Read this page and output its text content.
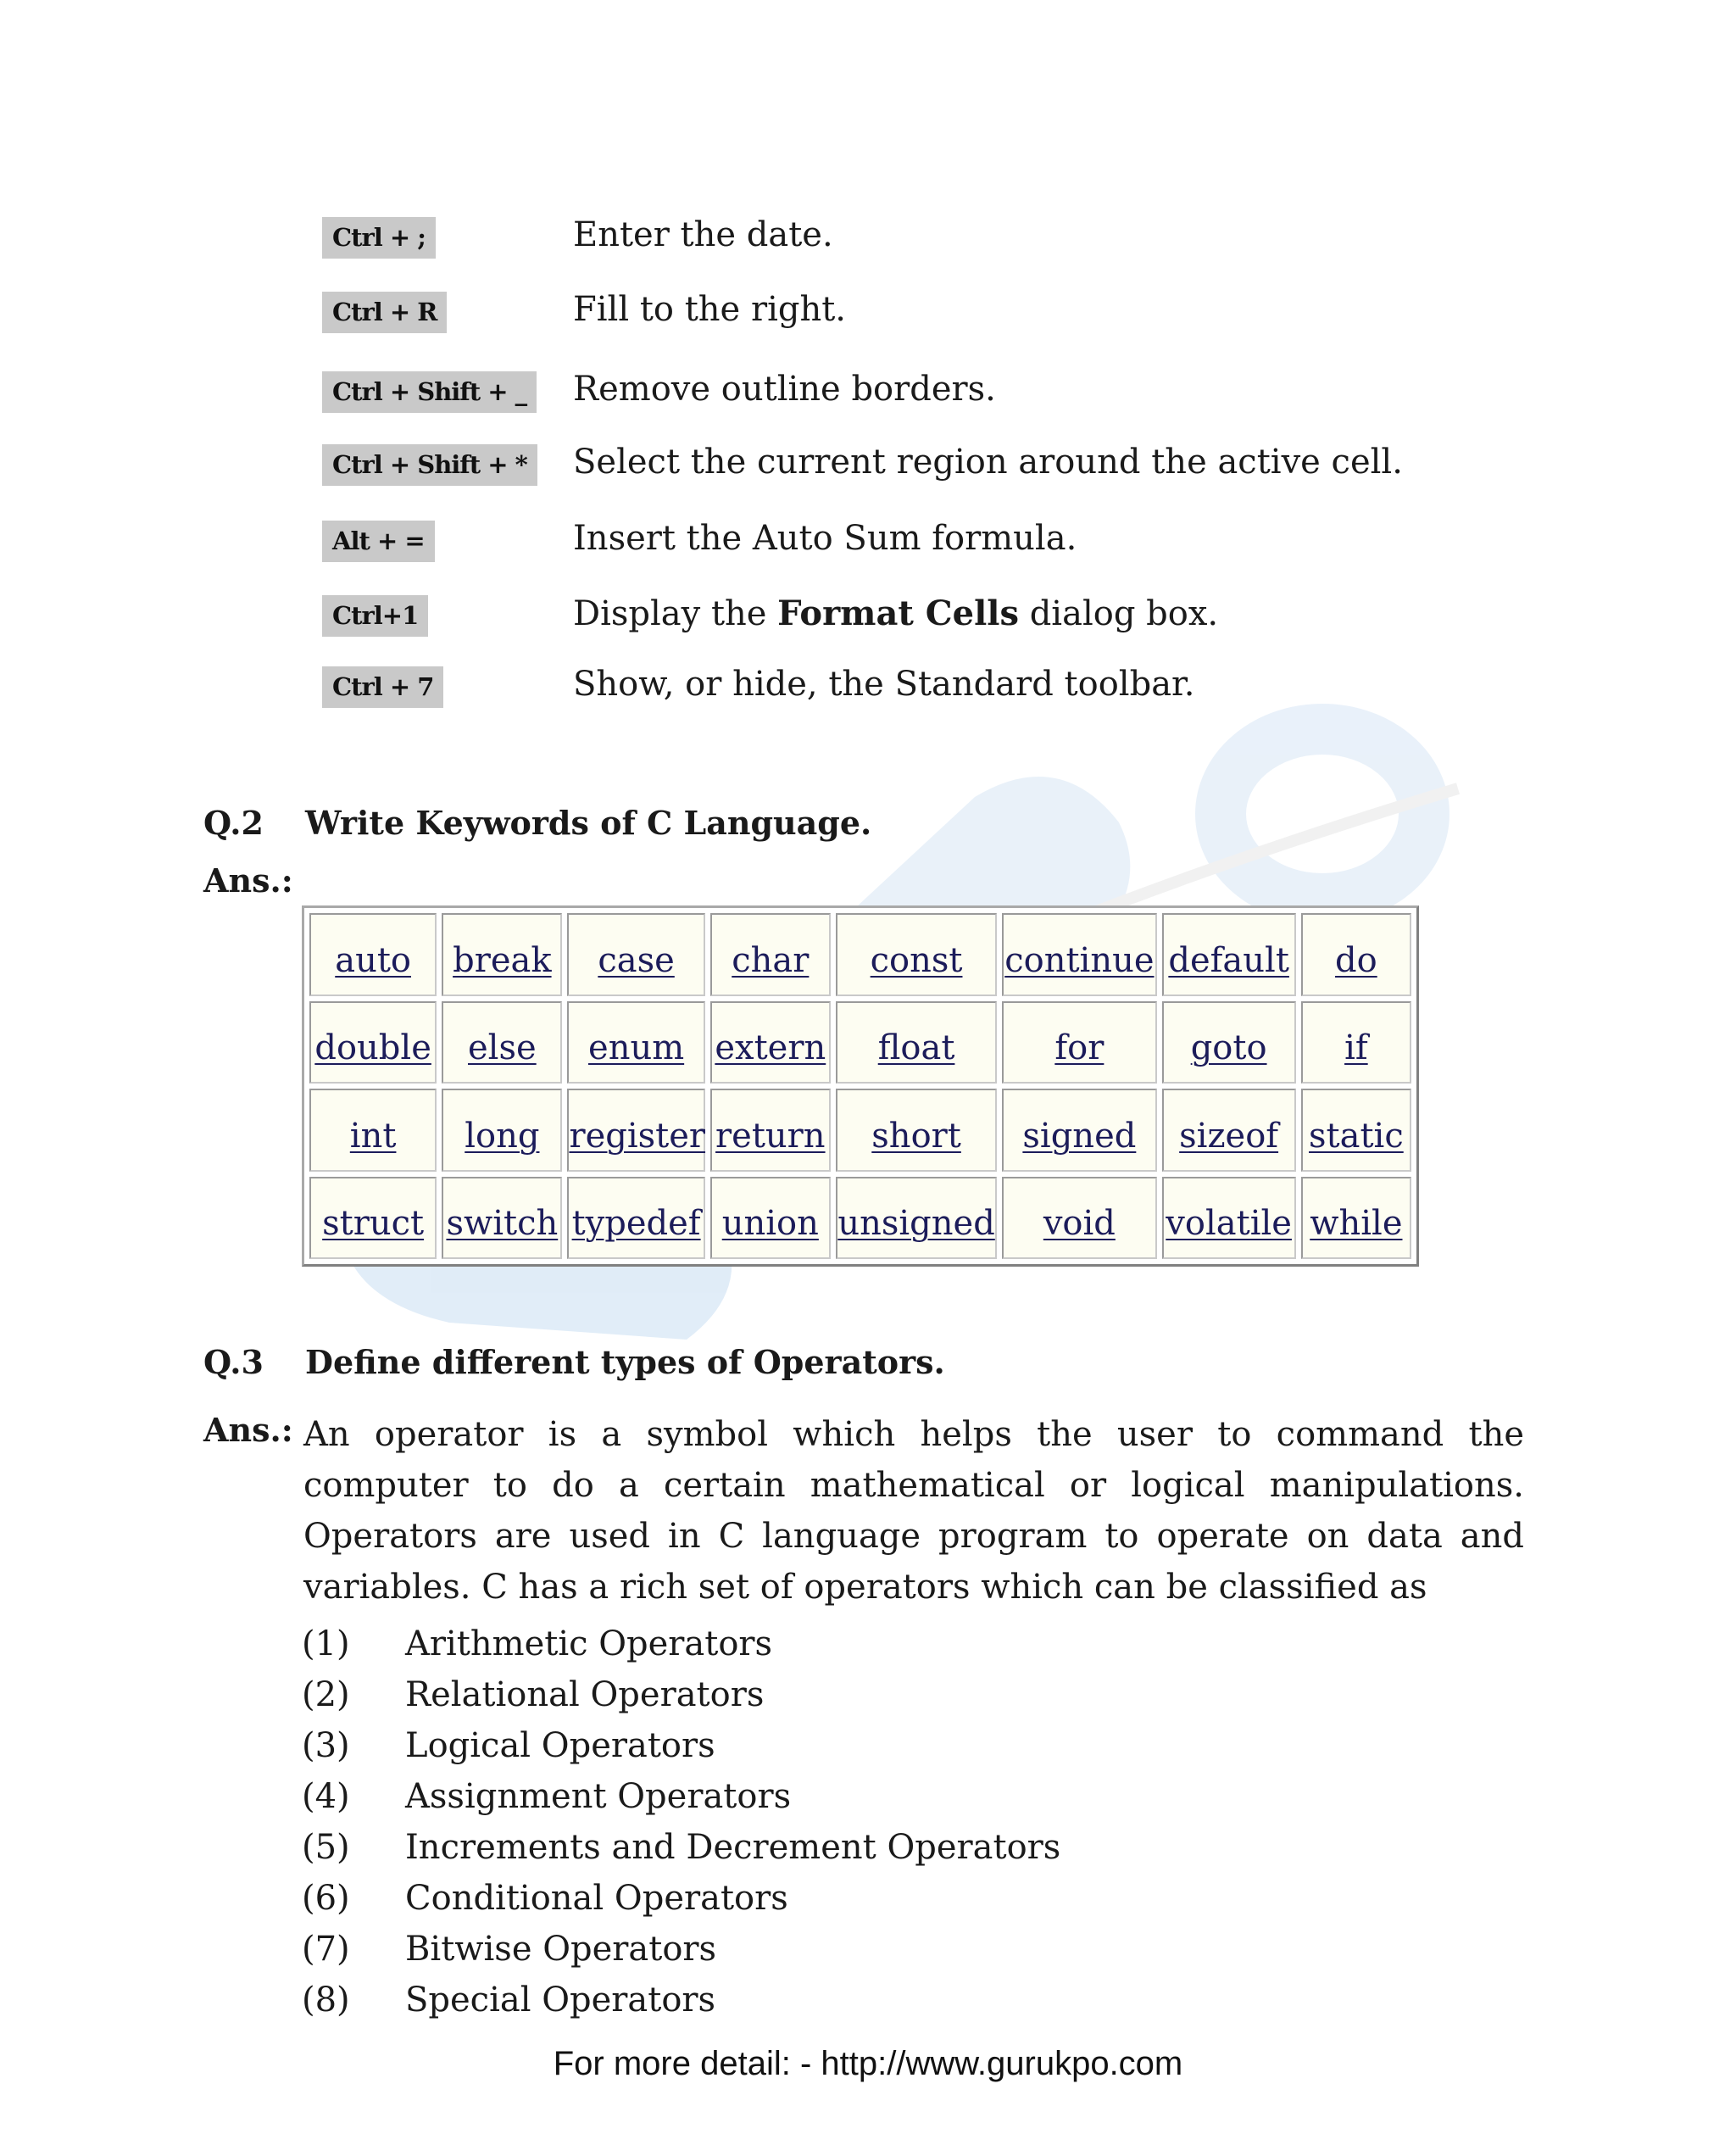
Ctrl + ;	Enter the date.
Ctrl + R	Fill to the right.
Ctrl + Shift + _	Remove outline borders.
Ctrl + Shift + *	Select the current region around the active cell.
Alt + =	Insert the Auto Sum formula.
Ctrl+1	Display the Format Cells dialog box.
Ctrl + 7	Show, or hide, the Standard toolbar.
Q.2 Write Keywords of C Language.
Ans.:
auto	break	case	char	const	continue	default	do
double	else	enum	extern	float	for	goto	if
int	long	register	return	short	signed	sizeof	static
struct	switch	typedef	union	unsigned	void	volatile	while
Q.3 Define different types of Operators.
Ans.: An operator is a symbol which helps the user to command the computer to do a certain mathematical or logical manipulations. Operators are used in C language program to operate on data and variables. C has a rich set of operators which can be classified as
(1) Arithmetic Operators
(2) Relational Operators
(3) Logical Operators
(4) Assignment Operators
(5) Increments and Decrement Operators
(6) Conditional Operators
(7) Bitwise Operators
(8) Special Operators
For more detail: - http://www.gurukpo.com
